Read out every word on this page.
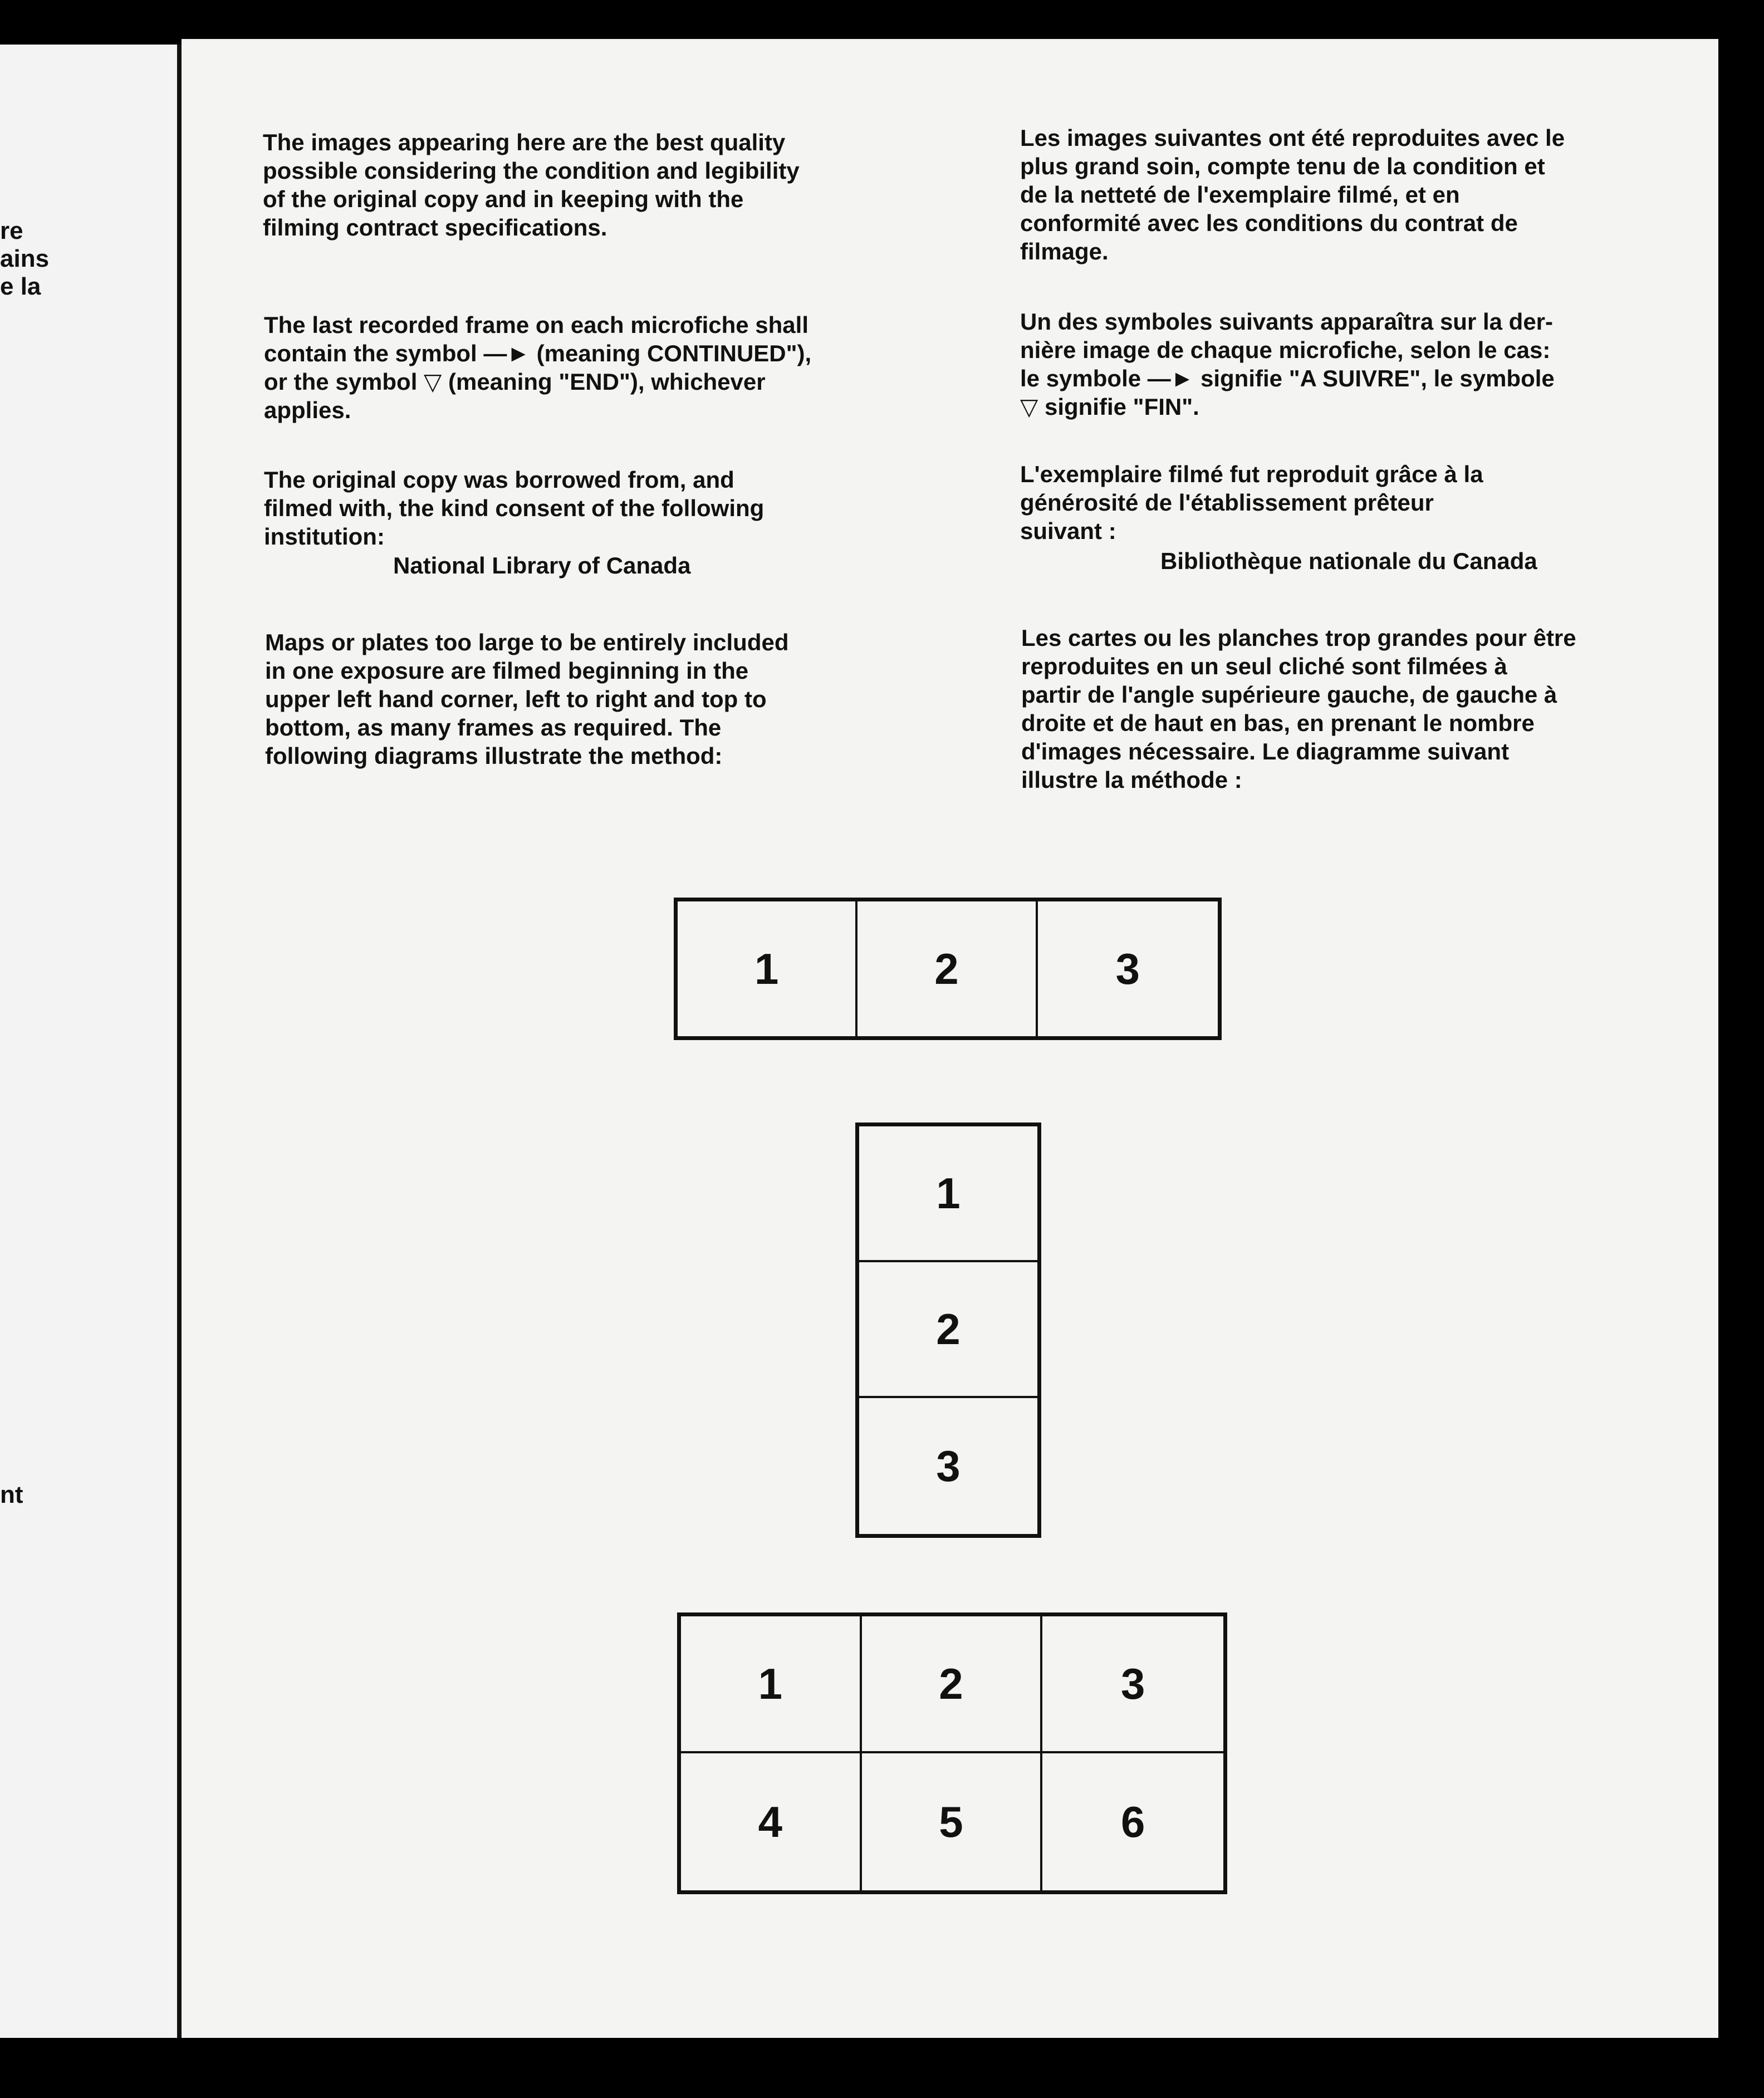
re
ains
e la
nt

The images appearing here are the best quality
possible considering the condition and legibility
of the original copy and in keeping with the
filming contract specifications.

The last recorded frame on each microfiche shall
contain the symbol —► (meaning CONTINUED"),
or the symbol ▽ (meaning "END"), whichever
applies.

The original copy was borrowed from, and
filmed with, the kind consent of the following
institution:

National Library of Canada

Maps or plates too large to be entirely included
in one exposure are filmed beginning in the
upper left hand corner, left to right and top to
bottom, as many frames as required. The
following diagrams illustrate the method:

Les images suivantes ont été reproduites avec le
plus grand soin, compte tenu de la condition et
de la netteté de l'exemplaire filmé, et en
conformité avec les conditions du contrat de
filmage.

Un des symboles suivants apparaîtra sur la der-
nière image de chaque microfiche, selon le cas:
le symbole —► signifie "A SUIVRE", le symbole
▽ signifie "FIN".

L'exemplaire filmé fut reproduit grâce à la
générosité de l'établissement prêteur
suivant :

Bibliothèque nationale du Canada

Les cartes ou les planches trop grandes pour être
reproduites en un seul cliché sont filmées à
partir de l'angle supérieure gauche, de gauche à
droite et de haut en bas, en prenant le nombre
d'images nécessaire. Le diagramme suivant
illustre la méthode :

1	2	3
1
2
3
1	2	3
4	5	6
